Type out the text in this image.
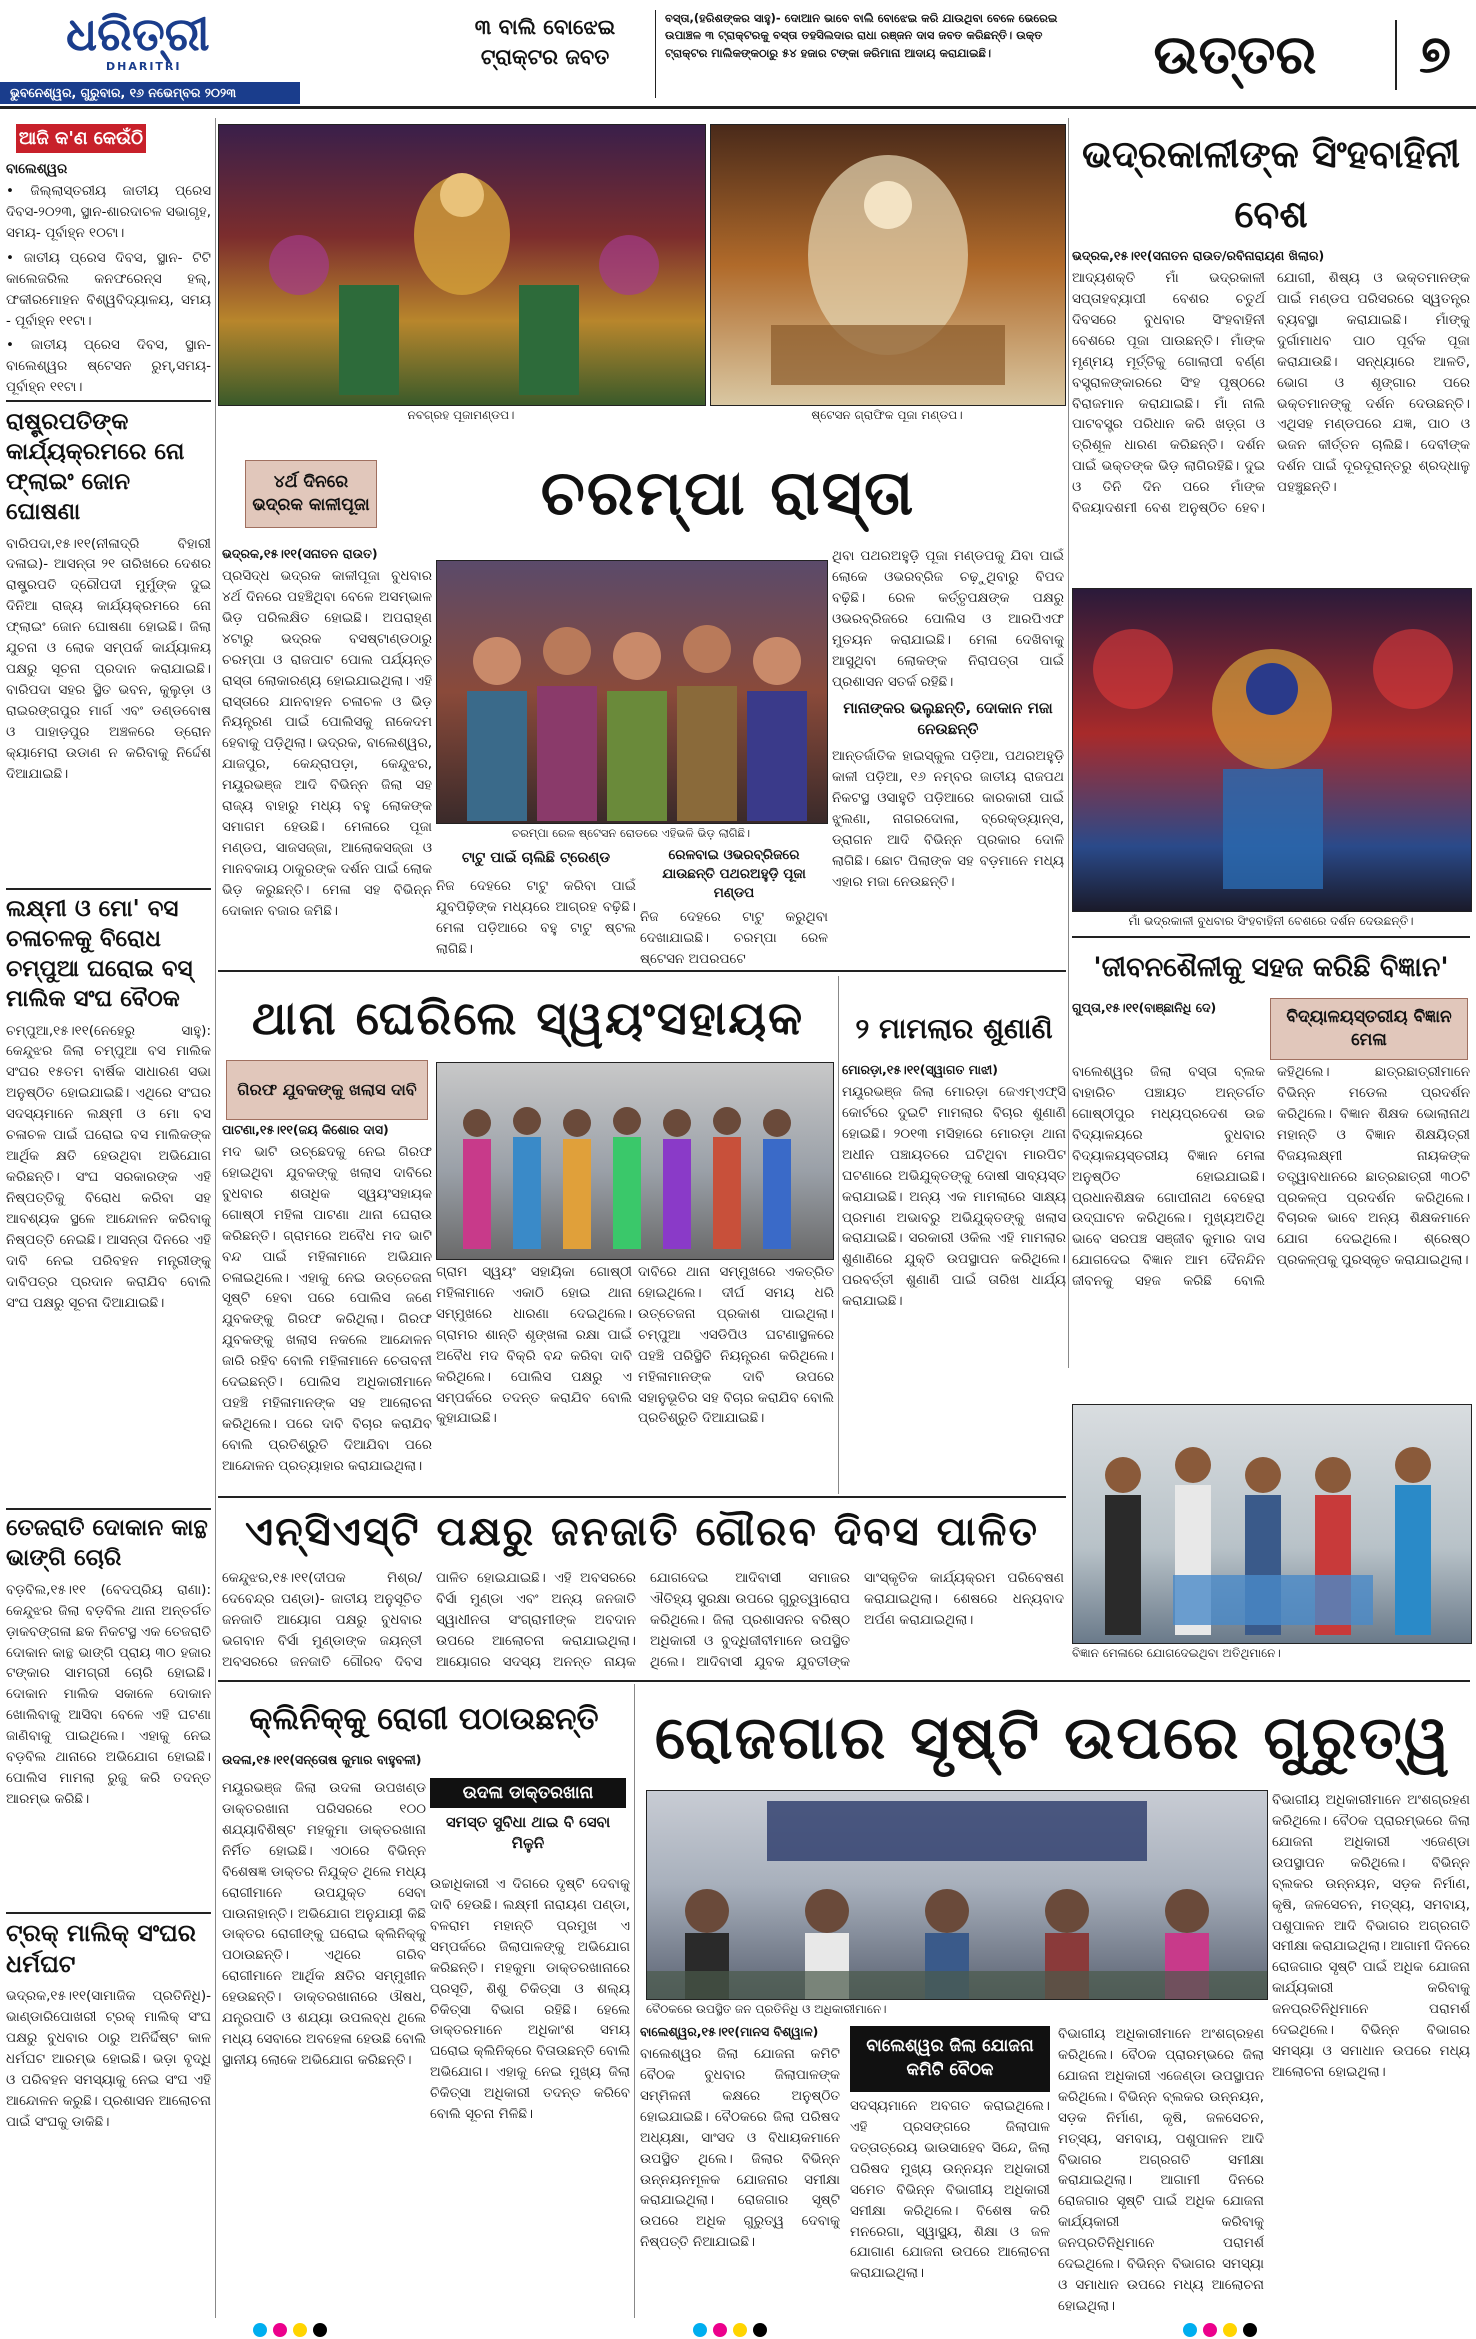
ଧରିତ୍ରୀ
DHARITRI
ଭୁବନେଶ୍ୱର, ଗୁରୁବାର, ୧୬ ନଭେମ୍ବର ୨୦୨୩
୩ ବାଲି ବୋଝେଇ ଟ୍ରାକ୍ଟର ଜବତ
ବସ୍ତା,(ହରିଶଙ୍କର ସାହୁ)- ଦୋଆନ ଭାବେ ବାଲି ବୋଝେଇ କରି ଯାଉଥିବା ବେଳେ ଭେରେଇ ଉପାଞ୍ଚଳ ୩ ଟ୍ରାକ୍ଟରକୁ ବସ୍ତା ତହସିଲଦାର ରାଧା ରଞ୍ଜନ ଦାସ ଜବତ କରିଛନ୍ତି। ଉକ୍ତ ଟ୍ରାକ୍ଟର ମାଲିକଙ୍କଠାରୁ ୫୪ ହଜାର ଟଙ୍କା ଜରିମାନା ଆଦାୟ କରାଯାଇଛି।	ଉତ୍ତର	୭
ଆଜି କ'ଣ କେଉଁଠି
ବାଲେଶ୍ୱର
• ଜିଲ୍ଲାସ୍ତରୀୟ ଜାତୀୟ ପ୍ରେସ ଦିବସ-୨୦୨୩, ସ୍ଥାନ-ଶାରଦାଚଳ ସଭାଗୃହ, ସମୟ- ପୂର୍ବାହ୍ନ ୧୦ଟା।
• ଜାତୀୟ ପ୍ରେସ ଦିବସ, ସ୍ଥାନ- ଟିଟି କାଲେଜରିଲ କନଫରେନ୍ସ ହଲ୍, ଫକୀରମୋହନ ବିଶ୍ୱବିଦ୍ୟାଳୟ, ସମୟ - ପୂର୍ବାହ୍ନ ୧୧ଟା।
• ଜାତୀୟ ପ୍ରେସ ଦିବସ, ସ୍ଥାନ- ବାଲେଶ୍ୱର ଷ୍ଟେସନ ରୁମ୍,ସମୟ-ପୂର୍ବାହ୍ନ ୧୧ଟା।
ରାଷ୍ଟ୍ରପତିଙ୍କ କାର୍ଯ୍ୟକ୍ରମରେ ନୋ ଫ୍ଲାଇଂ ଜୋନ ଘୋଷଣା
ବାରିପଦା,୧୫।୧୧(ନୀଳାଦ୍ରି ବିହାରୀ ଦଳାଇ)- ଆସନ୍ତା ୨୧ ତାରିଖରେ ଦେଶର ରାଷ୍ଟ୍ରପତି ଦ୍ରୌପଦୀ ମୁର୍ମୁଙ୍କ ଦୁଇ ଦିନିଆ ରାଜ୍ୟ କାର୍ଯ୍ୟକ୍ରମରେ ନୋ ଫ୍ଲାଇଂ ଜୋନ ଘୋଷଣା ହୋଇଛି। ଜିଲା ଯୁଚନା ଓ ଲୋକ ସମ୍ପର୍କ କାର୍ଯ୍ୟାଳୟ ପକ୍ଷରୁ ସୂଚନା ପ୍ରଦାନ କରାଯାଇଛି। ବାରିପଦା ସହର ସ୍ଥିତ ଭବନ, କୁଲୁଡ଼ା ଓ ରାଇରଙ୍ଗପୁର ମାର୍ଗ ଏବଂ ଡଣ୍ଡବୋଷ ଓ ପାହାଡ଼ପୁର ଅଞ୍ଚଳରେ ଡ୍ରୋନ କ୍ୟାମେରା ଉଡାଣ ନ କରିବାକୁ ନିର୍ଦ୍ଦେଶ ଦିଆଯାଇଛି।
ଲକ୍ଷ୍ମୀ ଓ ମୋ' ବସ ଚଳାଚଳକୁ ବିରୋଧ ଚମ୍ପୁଆ ଘରୋଇ ବସ୍ ମାଲିକ ସଂଘ ବୈଠକ
ଚମ୍ପୁଆ,୧୫।୧୧(ନେହେରୁ ସାହୁ): କେନ୍ଦୁଝର ଜିଲା ଚମ୍ପୁଆ ବସ ମାଲିକ ସଂଘର ୧୫ତମ ବାର୍ଷିକ ସାଧାରଣ ସଭା ଅନୁଷ୍ଠିତ ହୋଇଯାଇଛି। ଏଥିରେ ସଂଘର ସଦସ୍ୟମାନେ ଲକ୍ଷ୍ମୀ ଓ ମୋ ବସ ଚଳାଚଳ ପାଇଁ ଘରୋଇ ବସ ମାଲିକଙ୍କ ଆର୍ଥିକ କ୍ଷତି ହେଉଥିବା ଅଭିଯୋଗ କରିଛନ୍ତି। ସଂଘ ସରକାରଙ୍କ ଏହି ନିଷ୍ପତ୍ତିକୁ ବିରୋଧ କରିବା ସହ ଆବଶ୍ୟକ ସ୍ଥଳେ ଆନ୍ଦୋଳନ କରିବାକୁ ନିଷ୍ପତ୍ତି ନେଇଛି। ଆସନ୍ତା ଦିନରେ ଏହି ଦାବି ନେଇ ପରିବହନ ମନ୍ତ୍ରୀଙ୍କୁ ଦାବିପତ୍ର ପ୍ରଦାନ କରାଯିବ ବୋଲି ସଂଘ ପକ୍ଷରୁ ସୂଚନା ଦିଆଯାଇଛି।
ତେଜରାତି ଦୋକାନ କାନ୍ଥ ଭାଙ୍ଗି ଚୋରି
ବଡ଼ବିଲ,୧୫।୧୧ (ବେଦପ୍ରିୟ ରାଣା): କେନ୍ଦୁଝର ଜିଲା ବଡ଼ବିଲ ଥାନା ଅନ୍ତର୍ଗତ ଡ଼ାକବଙ୍ଗଳା ଛକ ନିକଟସ୍ଥ ଏକ ତେଜରାତି ଦୋକାନ କାନ୍ଥ ଭାଙ୍ଗି ପ୍ରାୟ ୩୦ ହଜାର ଟଙ୍କାର ସାମଗ୍ରୀ ଚୋରି ହୋଇଛି। ଦୋକାନ ମାଲିକ ସକାଳେ ଦୋକାନ ଖୋଲିବାକୁ ଆସିବା ବେଳେ ଏହି ଘଟଣା ଜାଣିବାକୁ ପାଇଥିଲେ। ଏହାକୁ ନେଇ ବଡ଼ବିଲ ଥାନାରେ ଅଭିଯୋଗ ହୋଇଛି। ପୋଲିସ ମାମଲା ରୁଜୁ କରି ତଦନ୍ତ ଆରମ୍ଭ କରିଛି।
ଟ୍ରକ୍ ମାଲିକ୍ ସଂଘର ଧର୍ମଘଟ
ଭଦ୍ରକ,୧୫।୧୧(ସାମାଜିକ ପ୍ରତିନିଧି)- ଭାଣ୍ଡାରିପୋଖରୀ ଟ୍ରକ୍ ମାଲିକ୍ ସଂଘ ପକ୍ଷରୁ ବୁଧବାର ଠାରୁ ଅନିର୍ଦ୍ଦିଷ୍ଟ କାଳ ଧର୍ମଘଟ ଆରମ୍ଭ ହୋଇଛି। ଭଡ଼ା ବୃଦ୍ଧି ଓ ପରିବହନ ସମସ୍ୟାକୁ ନେଇ ସଂଘ ଏହି ଆନ୍ଦୋଳନ କରୁଛି। ପ୍ରଶାସନ ଆଲୋଚନା ପାଇଁ ସଂଘକୁ ଡାକିଛି।
ନବଗ୍ରହ ପୂଜାମଣ୍ଡପ।	ଷ୍ଟେସନ ଗ୍ରାଫିକ ପୂଜା ମଣ୍ଡପ।
ଭଦ୍ରକାଳୀଙ୍କ ସିଂହବାହିନୀ ବେଶ
ଭଦ୍ରକ,୧୫।୧୧(ସନାତନ ରାଉତ/ରବିନାରାୟଣ ଖିଲାର)
ଆଦ୍ୟଶକ୍ତି ମାଁ ଭଦ୍ରକାଳୀ ସପ୍ତାହବ୍ୟାପୀ ବେଶର ଚତୁର୍ଥ ଦିବସରେ ବୁଧବାର ସିଂହବାହିନୀ ବେଶରେ ପୂଜା ପାଉଛନ୍ତି। ମାଁଙ୍କ ମୃଣ୍ମୟ ମୂର୍ତ୍ତିକୁ ଗୋଲାପୀ ବର୍ଣ୍ଣ ବସ୍ତ୍ରାଳଙ୍କାରରେ ସିଂହ ପୃଷ୍ଠରେ ବିରାଜମାନ କରାଯାଇଛି। ମାଁ ନାଲି ପାଟବସ୍ତ୍ର ପରିଧାନ କରି ଖଡ଼୍ଗ ଓ ତ୍ରିଶୂଳ ଧାରଣ କରିଛନ୍ତି। ଦର୍ଶନ ପାଇଁ ଭକ୍ତଙ୍କ ଭିଡ଼ ଲାଗିରହିଛି। ଦୁଇ ଓ ତିନି ଦିନ ପରେ ମାଁଙ୍କ ବିଜୟାଦଶମୀ ବେଶ ଅନୁଷ୍ଠିତ ହେବ। ଯୋଗୀ, ଶିଷ୍ୟ ଓ ଭକ୍ତମାନଙ୍କ ପାଇଁ ମଣ୍ଡପ ପରିସରରେ ସ୍ୱତନ୍ତ୍ର ବ୍ୟବସ୍ଥା କରାଯାଇଛି। ମାଁଙ୍କୁ ଦୁର୍ଗାମାଧବ ପାଠ ପୂର୍ବକ ପୂଜା କରାଯାଉଛି। ସନ୍ଧ୍ୟାରେ ଆଳତି, ଭୋଗ ଓ ଶୃଙ୍ଗାର ପରେ ଭକ୍ତମାନଙ୍କୁ ଦର୍ଶନ ଦେଉଛନ୍ତି। ଏଥିସହ ମଣ୍ଡପରେ ଯଜ୍ଞ, ପାଠ ଓ ଭଜନ କୀର୍ତ୍ତନ ଚାଲିଛି। ଦେବୀଙ୍କ ଦର୍ଶନ ପାଇଁ ଦୂରଦୂରାନ୍ତରୁ ଶ୍ରଦ୍ଧାଳୁ ପହଞ୍ଚୁଛନ୍ତି।
ମାଁ ଭଦ୍ରକାଳୀ ବୁଧବାର ସିଂହବାହିନୀ ବେଶରେ ଦର୍ଶନ ଦେଉଛନ୍ତି।
୪ର୍ଥ ଦିନରେ ଭଦ୍ରକ କାଳୀପୂଜା	ଚରମ୍ପା ରାସ୍ତା
ଭଦ୍ରକ,୧୫।୧୧(ସନାତନ ରାଉତ)
ପ୍ରସିଦ୍ଧ ଭଦ୍ରକ କାଳୀପୂଜା ବୁଧବାର ୪ର୍ଥ ଦିନରେ ପହଞ୍ଚିଥିବା ବେଳେ ଅସମ୍ଭାଳ ଭିଡ଼ ପରିଲକ୍ଷିତ ହୋଇଛି। ଅପରାହ୍ଣ ୪ଟାରୁ ଭଦ୍ରକ ବସଷ୍ଟାଣ୍ଡଠାରୁ ଚରମ୍ପା ଓ ରାଜପାଟ ପୋଲ ପର୍ଯ୍ୟନ୍ତ ରାସ୍ତା ଲୋକାରଣ୍ୟ ହୋଇଯାଇଥିଲା। ଏହି ରାସ୍ତାରେ ଯାନବାହନ ଚଳାଚଳ ଓ ଭିଡ଼ ନିୟନ୍ତ୍ରଣ ପାଇଁ ପୋଲିସକୁ ନାକେଦମ ହେବାକୁ ପଡ଼ିଥିଲା। ଭଦ୍ରକ, ବାଲେଶ୍ୱର, ଯାଜପୁର, କେନ୍ଦ୍ରାପଡ଼ା, କେନ୍ଦୁଝର, ମୟୂରଭଞ୍ଜ ଆଦି ବିଭିନ୍ନ ଜିଲା ସହ ରାଜ୍ୟ ବାହାରୁ ମଧ୍ୟ ବହୁ ଲୋକଙ୍କ ସମାଗମ ହେଉଛି। ମେଳାରେ ପୂଜା ମଣ୍ଡପ, ସାଜସଜ୍ଜା, ଆଲୋକସଜ୍ଜା ଓ ମାନବକାୟ ଠାକୁରଙ୍କ ଦର୍ଶନ ପାଇଁ ଲୋକ ଭିଡ଼ କରୁଛନ୍ତି। ମେଳା ସହ ବିଭିନ୍ନ ଦୋକାନ ବଜାର ଜମିଛି।
ଚରମ୍ପା ରେଳ ଷ୍ଟେସନ ରୋଡରେ ଏହିଭଳି ଭିଡ଼ ଲାଗିଛି।
ଥିବା ପଥରଅହୁଡ଼ି ପୂଜା ମଣ୍ଡପକୁ ଯିବା ପାଇଁ ଲୋକେ ଓଭରବ୍ରିଜ ଚଢ଼ୁଥିବାରୁ ବିପଦ ବଢ଼ିଛି। ରେଳ କର୍ତ୍ତୃପକ୍ଷଙ୍କ ପକ୍ଷରୁ ଓଭରବ୍ରିଜରେ ପୋଲିସ ଓ ଆରପିଏଫ ମୁତୟନ କରାଯାଇଛି। ମେଳା ଦେଖିବାକୁ ଆସୁଥିବା ଲୋକଙ୍କ ନିରାପତ୍ତା ପାଇଁ ପ୍ରଶାସନ ସତର୍କ ରହିଛି।
ମାନାଙ୍କର ଭଲୁଛନ୍ତି, ଦୋକାନ ମଜା ନେଉଛନ୍ତି
ଆନ୍ତର୍ଜାତିକ ହାଇସ୍କୁଲ ପଡ଼ିଆ, ପଥରଅହୁଡ଼ି କାଳୀ ପଡ଼ିଆ, ୧୬ ନମ୍ବର ଜାତୀୟ ରାଜପଥ ନିକଟସ୍ଥ ଓସାହୁତି ପଡ଼ିଆରେ କାରକାରୀ ପାଇଁ ଝୁଲଣା, ନାଗରଦୋଳା, ବ୍ରେକ୍‌ଡ୍ୟାନ୍ସ, ଡ୍ରାଗନ ଆଦି ବିଭିନ୍ନ ପ୍ରକାର ଦୋଳି ଲାଗିଛି। ଛୋଟ ପିଲାଙ୍କ ସହ ବଡ଼ମାନେ ମଧ୍ୟ ଏହାର ମଜା ନେଉଛନ୍ତି।
ଟାଟୁ ପାଇଁ ଚାଲିଛି ଟ୍ରେଣ୍ଡ
ନିଜ ଦେହରେ ଟାଟୁ କରିବା ପାଇଁ ଯୁବପିଢ଼ିଙ୍କ ମଧ୍ୟରେ ଆଗ୍ରହ ବଢ଼ିଛି। ମେଳା ପଡ଼ିଆରେ ବହୁ ଟାଟୁ ଷ୍ଟଲ ଲାଗିଛି।
ରେଳବାଇ ଓଭରବ୍ରିଜରେ ଯାଉଛନ୍ତି ପଥରଅହୁଡ଼ି ପୂଜା ମଣ୍ଡପ
ନିଜ ଦେହରେ ଟାଟୁ କରୁଥିବା ଦେଖାଯାଇଛି। ଚରମ୍ପା ରେଳ ଷ୍ଟେସନ ଅପରପଟେ	'ଜୀବନଶୈଳୀକୁ ସହଜ କରିଛି ବିଜ୍ଞାନ'
ଗୁପ୍ତା,୧୫।୧୧(ବାଞ୍ଛାନିଧି ଦେ)	ବିଦ୍ୟାଳୟସ୍ତରୀୟ ବିଜ୍ଞାନ ମେଳା
ବାଲେଶ୍ୱର ଜିଲା ବସ୍ତା ବ୍ଲକ ବାହାରିଚ ପଞ୍ଚାୟତ ଅନ୍ତର୍ଗତ ଗୋଷ୍ଠୀପୁର ମଧ୍ୟପ୍ରଦେଶ ଉଚ୍ଚ ବିଦ୍ୟାଳୟରେ ବୁଧବାର ବିଦ୍ୟାଳୟସ୍ତରୀୟ ବିଜ୍ଞାନ ମେଳା ଅନୁଷ୍ଠିତ ହୋଇଯାଇଛି। ପ୍ରଧାନଶିକ୍ଷକ ଗୋପୀନାଥ ବେହେରା ଉଦ୍‌ଘାଟନ କରିଥିଲେ। ମୁଖ୍ୟଅତିଥି ଭାବେ ସରପଞ୍ଚ ସଞ୍ଜୀବ କୁମାର ଦାସ ଯୋଗଦେଇ ବିଜ୍ଞାନ ଆମ ଦୈନନ୍ଦିନ ଜୀବନକୁ ସହଜ କରିଛି ବୋଲି କହିଥିଲେ। ଛାତ୍ରଛାତ୍ରୀମାନେ ବିଭିନ୍ନ ମଡେଲ ପ୍ରଦର୍ଶନ କରିଥିଲେ। ବିଜ୍ଞାନ ଶିକ୍ଷକ ଭୋଲାନାଥ ମହାନ୍ତି ଓ ବିଜ୍ଞାନ ଶିକ୍ଷୟିତ୍ରୀ ବିଜୟଲକ୍ଷ୍ମୀ ନାୟକଙ୍କ ତତ୍ତ୍ୱାବଧାନରେ ଛାତ୍ରଛାତ୍ରୀ ୩୦ଟି ପ୍ରକଳ୍ପ ପ୍ରଦର୍ଶନ କରିଥିଲେ। ବିଚାରକ ଭାବେ ଅନ୍ୟ ଶିକ୍ଷକମାନେ ଯୋଗ ଦେଇଥିଲେ। ଶ୍ରେଷ୍ଠ ପ୍ରକଳ୍ପକୁ ପୁରସ୍କୃତ କରାଯାଇଥିଲା।
ବିଜ୍ଞାନ ମେଳାରେ ଯୋଗଦେଇଥିବା ଅତିଥିମାନେ।
ଥାନା ଘେରିଲେ ସ୍ୱୟଂସହାୟକ
ଗିରଫ ଯୁବକଙ୍କୁ ଖଲାସ ଦାବି
ପାଟଣା,୧୫।୧୧(ଜୟ କିଶୋର ଦାସ)
ମଦ ଭାଟି ଉଚ୍ଛେଦକୁ ନେଇ ଗିରଫ ହୋଇଥିବା ଯୁବକଙ୍କୁ ଖଲାସ ଦାବିରେ ବୁଧବାର ଶତାଧିକ ସ୍ୱୟଂସହାୟକ ଗୋଷ୍ଠୀ ମହିଳା ପାଟଣା ଥାନା ଘେରାଉ କରିଛନ୍ତି। ଗ୍ରାମରେ ଅବୈଧ ମଦ ଭାଟି ବନ୍ଦ ପାଇଁ ମହିଳାମାନେ ଅଭିଯାନ ଚଳାଇଥିଲେ। ଏହାକୁ ନେଇ ଉତ୍ତେଜନା ସୃଷ୍ଟି ହେବା ପରେ ପୋଲିସ ଜଣେ ଯୁବକଙ୍କୁ ଗିରଫ କରିଥିଲା। ଗିରଫ ଯୁବକଙ୍କୁ ଖଲାସ ନକଲେ ଆନ୍ଦୋଳନ ଜାରି ରହିବ ବୋଲି ମହିଳାମାନେ ଚେତାବନୀ ଦେଇଛନ୍ତି। ପୋଲିସ ଅଧିକାରୀମାନେ ପହଞ୍ଚି ମହିଳାମାନଙ୍କ ସହ ଆଲୋଚନା କରିଥିଲେ। ପରେ ଦାବି ବିଚାର କରାଯିବ ବୋଲି ପ୍ରତିଶ୍ରୁତି ଦିଆଯିବା ପରେ ଆନ୍ଦୋଳନ ପ୍ରତ୍ୟାହାର କରାଯାଇଥିଲା।
ଗ୍ରାମ ସ୍ୱୟଂ ସହାୟିକା ଗୋଷ୍ଠୀ ମହିଳାମାନେ ଏକାଠି ହୋଇ ଥାନା ସମ୍ମୁଖରେ ଧାରଣା ଦେଇଥିଲେ। ଗ୍ରାମର ଶାନ୍ତି ଶୃଙ୍ଖଳା ରକ୍ଷା ପାଇଁ ଅବୈଧ ମଦ ବିକ୍ରି ବନ୍ଦ କରିବା ଦାବି କରିଥିଲେ। ପୋଲିସ ପକ୍ଷରୁ ଏ ସମ୍ପର୍କରେ ତଦନ୍ତ କରାଯିବ ବୋଲି କୁହାଯାଇଛି।
ଦାବିରେ ଥାନା ସମ୍ମୁଖରେ ଏକତ୍ରିତ ହୋଇଥିଲେ। ଦୀର୍ଘ ସମୟ ଧରି ଉତ୍ତେଜନା ପ୍ରକାଶ ପାଇଥିଲା। ଚମ୍ପୁଆ ଏସଡିପିଓ ଘଟଣାସ୍ଥଳରେ ପହଞ୍ଚି ପରିସ୍ଥିତି ନିୟନ୍ତ୍ରଣ କରିଥିଲେ। ମହିଳାମାନଙ୍କ ଦାବି ଉପରେ ସହାନୁଭୂତିର ସହ ବିଚାର କରାଯିବ ବୋଲି ପ୍ରତିଶ୍ରୁତି ଦିଆଯାଇଛି।
୨ ମାମଲାର ଶୁଣାଣି
ମୋରଡ଼ା,୧୫।୧୧(ସ୍ୱାଗତ ମାଝୀ)
ମୟୂରଭଞ୍ଜ ଜିଲା ମୋରଡ଼ା ଜେଏମ୍‌ଏଫ୍‌ସି କୋର୍ଟରେ ଦୁଇଟି ମାମଲାର ବିଚାର ଶୁଣାଣି ହୋଇଛି। ୨୦୧୩ ମସିହାରେ ମୋରଡ଼ା ଥାନା ଅଧୀନ ପଞ୍ଚାୟତରେ ଘଟିଥିବା ମାରପିଟ ଘଟଣାରେ ଅଭିଯୁକ୍ତଙ୍କୁ ଦୋଷୀ ସାବ୍ୟସ୍ତ କରାଯାଇଛି। ଅନ୍ୟ ଏକ ମାମଲାରେ ସାକ୍ଷ୍ୟ ପ୍ରମାଣ ଅଭାବରୁ ଅଭିଯୁକ୍ତଙ୍କୁ ଖଲାସ କରାଯାଇଛି। ସରକାରୀ ଓକିଲ ଏହି ମାମଲାର ଶୁଣାଣିରେ ଯୁକ୍ତି ଉପସ୍ଥାପନ କରିଥିଲେ। ପରବର୍ତ୍ତୀ ଶୁଣାଣି ପାଇଁ ତାରିଖ ଧାର୍ଯ୍ୟ କରାଯାଇଛି।
ଏନ୍‌ସିଏସ୍‌ଟି ପକ୍ଷରୁ ଜନଜାତି ଗୌରବ ଦିବସ ପାଳିତ
କେନ୍ଦୁଝର,୧୫।୧୧(ଦୀପକ ମିଶ୍ର/ଦେବେନ୍ଦ୍ର ପଣ୍ଡା)- ଜାତୀୟ ଅନୁସୂଚିତ ଜନଜାତି ଆୟୋଗ ପକ୍ଷରୁ ବୁଧବାର ଭଗବାନ ବିର୍ସା ମୁଣ୍ଡାଙ୍କ ଜୟନ୍ତୀ ଅବସରରେ ଜନଜାତି ଗୌରବ ଦିବସ ପାଳିତ ହୋଇଯାଇଛି। ଏହି ଅବସରରେ ବିର୍ସା ମୁଣ୍ଡା ଏବଂ ଅନ୍ୟ ଜନଜାତି ସ୍ୱାଧୀନତା ସଂଗ୍ରାମୀଙ୍କ ଅବଦାନ ଉପରେ ଆଲୋଚନା କରାଯାଇଥିଲା। ଆୟୋଗର ସଦସ୍ୟ ଅନନ୍ତ ନାୟକ ଯୋଗଦେଇ ଆଦିବାସୀ ସମାଜର ଐତିହ୍ୟ ସୁରକ୍ଷା ଉପରେ ଗୁରୁତ୍ୱାରୋପ କରିଥିଲେ। ଜିଲା ପ୍ରଶାସନର ବରିଷ୍ଠ ଅଧିକାରୀ ଓ ବୁଦ୍ଧିଜୀବୀମାନେ ଉପସ୍ଥିତ ଥିଲେ। ଆଦିବାସୀ ଯୁବକ ଯୁବତୀଙ୍କ ସାଂସ୍କୃତିକ କାର୍ଯ୍ୟକ୍ରମ ପରିବେଷଣ କରାଯାଇଥିଲା। ଶେଷରେ ଧନ୍ୟବାଦ ଅର୍ପଣ କରାଯାଇଥିଲା।
କ୍ଲିନିକ୍‌କୁ ରୋଗୀ ପଠାଉଛନ୍ତି
ଉଦଳା,୧୫।୧୧(ସନ୍ତୋଷ କୁମାର ବାହୁବଳୀ)
ଉଦଳା ଡାକ୍ତରଖାନା
ସମସ୍ତ ସୁବିଧା ଥାଇ ବି ସେବା ମିଳୁନି
ମୟୂରଭଞ୍ଜ ଜିଲା ଉଦଳା ଉପଖଣ୍ଡ ଡାକ୍ତରଖାନା ପରିସରରେ ୧୦୦ ଶଯ୍ୟାବିଶିଷ୍ଟ ମହକୁମା ଡାକ୍ତରଖାନା ନିର୍ମିତ ହୋଇଛି। ଏଠାରେ ବିଭିନ୍ନ ବିଶେଷଜ୍ଞ ଡାକ୍ତର ନିଯୁକ୍ତ ଥିଲେ ମଧ୍ୟ ରୋଗୀମାନେ ଉପଯୁକ୍ତ ସେବା ପାଉନାହାନ୍ତି। ଅଭିଯୋଗ ଅନୁଯାୟୀ କିଛି ଡାକ୍ତର ରୋଗୀଙ୍କୁ ଘରୋଇ କ୍ଲିନିକ୍‌କୁ ପଠାଉଛନ୍ତି। ଏଥିରେ ଗରିବ ରୋଗୀମାନେ ଆର୍ଥିକ କ୍ଷତିର ସମ୍ମୁଖୀନ ହେଉଛନ୍ତି। ଡାକ୍ତରଖାନାରେ ଔଷଧ, ଯନ୍ତ୍ରପାତି ଓ ଶଯ୍ୟା ଉପଲବ୍ଧ ଥିଲେ ମଧ୍ୟ ସେବାରେ ଅବହେଳା ହେଉଛି ବୋଲି ସ୍ଥାନୀୟ ଲୋକେ ଅଭିଯୋଗ କରିଛନ୍ତି।
ଉଚ୍ଚାଧିକାରୀ ଏ ଦିଗରେ ଦୃଷ୍ଟି ଦେବାକୁ ଦାବି ହେଉଛି। ଲକ୍ଷ୍ମୀ ନାରାୟଣ ପଣ୍ଡା, ବଳରାମ ମହାନ୍ତି ପ୍ରମୁଖ ଏ ସମ୍ପର୍କରେ ଜିଲାପାଳଙ୍କୁ ଅଭିଯୋଗ କରିଛନ୍ତି। ମହକୁମା ଡାକ୍ତରଖାନାରେ ପ୍ରସୂତି, ଶିଶୁ ଚିକିତ୍ସା ଓ ଶଲ୍ୟ ଚିକିତ୍ସା ବିଭାଗ ରହିଛି। ହେଲେ ଡାକ୍ତରମାନେ ଅଧିକାଂଶ ସମୟ ଘରୋଇ କ୍ଲିନିକ୍‌ରେ ବିତାଉଛନ୍ତି ବୋଲି ଅଭିଯୋଗ। ଏହାକୁ ନେଇ ମୁଖ୍ୟ ଜିଲା ଚିକିତ୍ସା ଅଧିକାରୀ ତଦନ୍ତ କରିବେ ବୋଲି ସୂଚନା ମିଳିଛି।
ରୋଜଗାର ସୃଷ୍ଟି ଉପରେ ଗୁରୁତ୍ୱ
ବୈଠକରେ ଉପସ୍ଥିତ ଜନ ପ୍ରତିନିଧି ଓ ଅଧିକାରୀମାନେ।
ବାଲେଶ୍ୱର,୧୫।୧୧(ମାନସ ବିଶ୍ୱାଳ)
ବାଲେଶ୍ୱର ଜିଲା ଯୋଜନା କମିଟି ବୈଠକ ବୁଧବାର ଜିଲାପାଳଙ୍କ ସମ୍ମିଳନୀ କକ୍ଷରେ ଅନୁଷ୍ଠିତ ହୋଇଯାଇଛି। ବୈଠକରେ ଜିଲା ପରିଷଦ ଅଧ୍ୟକ୍ଷା, ସାଂସଦ ଓ ବିଧାୟକମାନେ ଉପସ୍ଥିତ ଥିଲେ। ଜିଲାର ବିଭିନ୍ନ ଉନ୍ନୟନମୂଳକ ଯୋଜନାର ସମୀକ୍ଷା କରାଯାଇଥିଲା। ରୋଜଗାର ସୃଷ୍ଟି ଉପରେ ଅଧିକ ଗୁରୁତ୍ୱ ଦେବାକୁ ନିଷ୍ପତ୍ତି ନିଆଯାଇଛି।
ବାଲେଶ୍ୱର ଜିଲା ଯୋଜନା କମିଟି ବୈଠକ
ସଦସ୍ୟମାନେ ଅବଗତ କରାଇଥିଲେ। ଏହି ପ୍ରସଙ୍ଗରେ ଜିଲାପାଳ ଦତ୍ତାତ୍ରେୟ ଭାଉସାହେବ ସିନ୍ଦେ, ଜିଲା ପରିଷଦ ମୁଖ୍ୟ ଉନ୍ନୟନ ଅଧିକାରୀ ସମେତ ବିଭିନ୍ନ ବିଭାଗୀୟ ଅଧିକାରୀ ସମୀକ୍ଷା କରିଥିଲେ। ବିଶେଷ କରି ମନରେଗା, ସ୍ୱାସ୍ଥ୍ୟ, ଶିକ୍ଷା ଓ ଜଳ ଯୋଗାଣ ଯୋଜନା ଉପରେ ଆଲୋଚନା କରାଯାଇଥିଲା।
ବିଭାଗୀୟ ଅଧିକାରୀମାନେ ଅଂଶଗ୍ରହଣ କରିଥିଲେ। ବୈଠକ ପ୍ରାରମ୍ଭରେ ଜିଲା ଯୋଜନା ଅଧିକାରୀ ଏଜେଣ୍ଡା ଉପସ୍ଥାପନ କରିଥିଲେ। ବିଭିନ୍ନ ବ୍ଲକର ଉନ୍ନୟନ, ସଡ଼କ ନିର୍ମାଣ, କୃଷି, ଜଳସେଚନ, ମତ୍ସ୍ୟ, ସମବାୟ, ପଶୁପାଳନ ଆଦି ବିଭାଗର ଅଗ୍ରଗତି ସମୀକ୍ଷା କରାଯାଇଥିଲା। ଆଗାମୀ ଦିନରେ ରୋଜଗାର ସୃଷ୍ଟି ପାଇଁ ଅଧିକ ଯୋଜନା କାର୍ଯ୍ୟକାରୀ କରିବାକୁ ଜନପ୍ରତିନିଧିମାନେ ପରାମର୍ଶ ଦେଇଥିଲେ। ବିଭିନ୍ନ ବିଭାଗର ସମସ୍ୟା ଓ ସମାଧାନ ଉପରେ ମଧ୍ୟ ଆଲୋଚନା ହୋଇଥିଲା।
ବିଭାଗୀୟ ଅଧିକାରୀମାନେ ଅଂଶଗ୍ରହଣ କରିଥିଲେ। ବୈଠକ ପ୍ରାରମ୍ଭରେ ଜିଲା ଯୋଜନା ଅଧିକାରୀ ଏଜେଣ୍ଡା ଉପସ୍ଥାପନ କରିଥିଲେ। ବିଭିନ୍ନ ବ୍ଲକର ଉନ୍ନୟନ, ସଡ଼କ ନିର୍ମାଣ, କୃଷି, ଜଳସେଚନ, ମତ୍ସ୍ୟ, ସମବାୟ, ପଶୁପାଳନ ଆଦି ବିଭାଗର ଅଗ୍ରଗତି ସମୀକ୍ଷା କରାଯାଇଥିଲା। ଆଗାମୀ ଦିନରେ ରୋଜଗାର ସୃଷ୍ଟି ପାଇଁ ଅଧିକ ଯୋଜନା କାର୍ଯ୍ୟକାରୀ କରିବାକୁ ଜନପ୍ରତିନିଧିମାନେ ପରାମର୍ଶ ଦେଇଥିଲେ। ବିଭିନ୍ନ ବିଭାଗର ସମସ୍ୟା ଓ ସମାଧାନ ଉପରେ ମଧ୍ୟ ଆଲୋଚନା ହୋଇଥିଲା।
